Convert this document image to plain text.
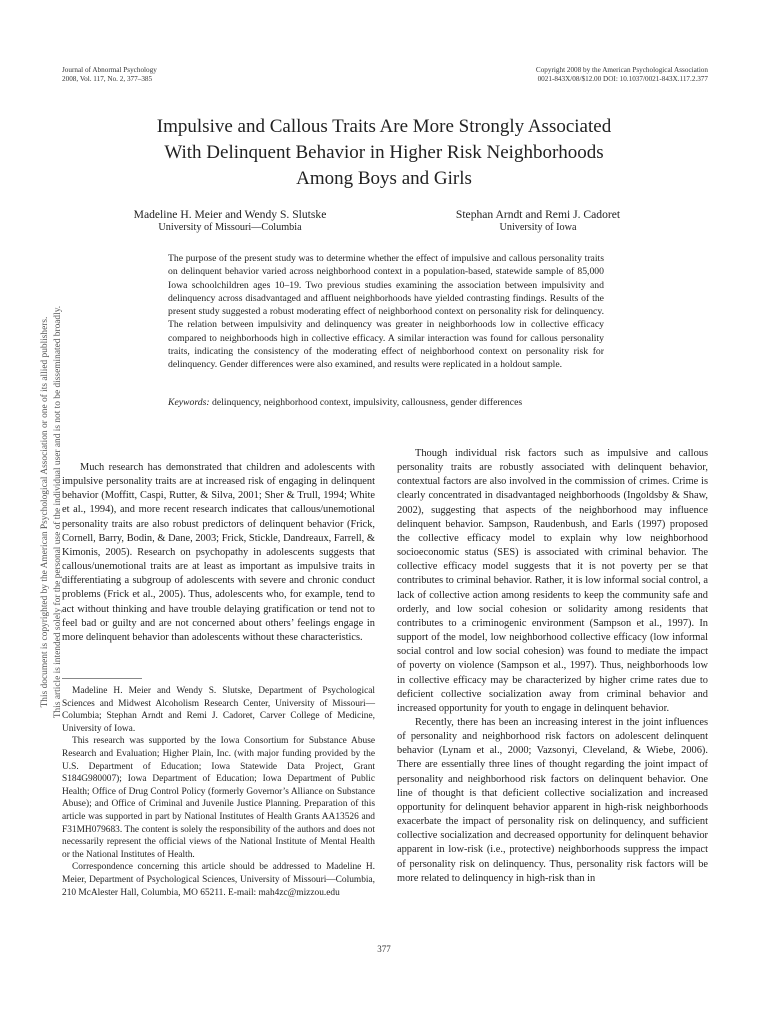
Journal of Abnormal Psychology
2008, Vol. 117, No. 2, 377–385
Copyright 2008 by the American Psychological Association
0021-843X/08/$12.00 DOI: 10.1037/0021-843X.117.2.377
Impulsive and Callous Traits Are More Strongly Associated
With Delinquent Behavior in Higher Risk Neighborhoods
Among Boys and Girls
Madeline H. Meier and Wendy S. Slutske
University of Missouri—Columbia
Stephan Arndt and Remi J. Cadoret
University of Iowa
The purpose of the present study was to determine whether the effect of impulsive and callous personality traits on delinquent behavior varied across neighborhood context in a population-based, statewide sample of 85,000 Iowa schoolchildren ages 10–19. Two previous studies examining the association between impulsivity and delinquency across disadvantaged and affluent neighborhoods have yielded contrasting findings. Results of the present study suggested a robust moderating effect of neighborhood context on personality risk for delinquency. The relation between impulsivity and delinquency was greater in neighborhoods low in collective efficacy compared to neighborhoods high in collective efficacy. A similar interaction was found for callous personality traits, indicating the consistency of the moderating effect of neighborhood context on personality risk for delinquency. Gender differences were also examined, and results were replicated in a holdout sample.
Keywords: delinquency, neighborhood context, impulsivity, callousness, gender differences

Much research has demonstrated that children and adolescents with impulsive personality traits are at increased risk of engaging in delinquent behavior (Moffitt, Caspi, Rutter, & Silva, 2001; Sher & Trull, 1994; White et al., 1994), and more recent research indicates that callous/unemotional personality traits are also robust predictors of delinquent behavior (Frick, Cornell, Barry, Bodin, & Dane, 2003; Frick, Stickle, Dandreaux, Farrell, & Kimonis, 2005). Research on psychopathy in adolescents suggests that callous/unemotional traits are at least as important as impulsive traits in differentiating a subgroup of adolescents with severe and chronic conduct problems (Frick et al., 2005). Thus, adolescents who, for example, tend to act without thinking and have trouble delaying gratification or tend not to feel bad or guilty and are not concerned about others’ feelings engage in more delinquent behavior than adolescents without these characteristics.

Madeline H. Meier and Wendy S. Slutske, Department of Psychological Sciences and Midwest Alcoholism Research Center, University of Missouri—Columbia; Stephan Arndt and Remi J. Cadoret, Carver College of Medicine, University of Iowa.

This research was supported by the Iowa Consortium for Substance Abuse Research and Evaluation; Higher Plain, Inc. (with major funding provided by the U.S. Department of Education; Iowa Statewide Data Project, Grant S184G980007); Iowa Department of Education; Iowa Department of Public Health; Office of Drug Control Policy (formerly Governor’s Alliance on Substance Abuse); and Office of Criminal and Juvenile Justice Planning. Preparation of this article was supported in part by National Institutes of Health Grants AA13526 and F31MH079683. The content is solely the responsibility of the authors and does not necessarily represent the official views of the National Institute of Mental Health or the National Institutes of Health.

Correspondence concerning this article should be addressed to Madeline H. Meier, Department of Psychological Sciences, University of Missouri—Columbia, 210 McAlester Hall, Columbia, MO 65211. E-mail: mah4zc@mizzou.edu

Though individual risk factors such as impulsive and callous personality traits are robustly associated with delinquent behavior, contextual factors are also involved in the commission of crimes. Crime is clearly concentrated in disadvantaged neighborhoods (Ingoldsby & Shaw, 2002), suggesting that aspects of the neighborhood may influence delinquent behavior. Sampson, Raudenbush, and Earls (1997) proposed the collective efficacy model to explain why low neighborhood socioeconomic status (SES) is associated with criminal behavior. The collective efficacy model suggests that it is not poverty per se that contributes to criminal behavior. Rather, it is low informal social control, a lack of collective action among residents to keep the community safe and orderly, and low social cohesion or solidarity among residents that contributes to a criminogenic environment (Sampson et al., 1997). In support of the model, low neighborhood collective efficacy (low informal social control and low social cohesion) was found to mediate the impact of poverty on violence (Sampson et al., 1997). Thus, neighborhoods low in collective efficacy may be characterized by higher crime rates due to deficient collective socialization away from criminal behavior and increased opportunity for youth to engage in delinquent behavior.

Recently, there has been an increasing interest in the joint influences of personality and neighborhood risk factors on adolescent delinquent behavior (Lynam et al., 2000; Vazsonyi, Cleveland, & Wiebe, 2006). There are essentially three lines of thought regarding the joint impact of personality and neighborhood risk factors on delinquent behavior. One line of thought is that deficient collective socialization and increased opportunity for delinquent behavior apparent in high-risk neighborhoods exacerbate the impact of personality risk on delinquency, and sufficient collective socialization and decreased opportunity for delinquent behavior apparent in low-risk (i.e., protective) neighborhoods suppress the impact of personality risk on delinquency. Thus, personality risk factors will be more related to delinquency in high-risk than in

377
This document is copyrighted by the American Psychological Association or one of its allied publishers. This article is intended solely for the personal use of the individual user and is not to be disseminated broadly.
